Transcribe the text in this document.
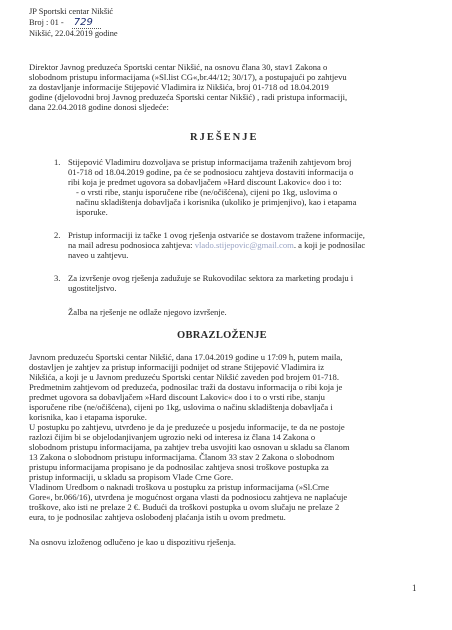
JP Sportski centar Nikšić
Broj : 01 - 729
Nikšić, 22.04.2019 godine
Direktor Javnog preduzeća Sportski centar Nikšić, na osnovu člana 30, stav1 Zakona o
slobodnom pristupu informacijama (»Sl.list CG«,br.44/12; 30/17), a postupajući po zahtjevu
za dostavljanje informacije Stijepović Vladimira iz Nikšića, broj 01-718 od 18.04.2019
godine (djelovodni broj Javnog preduzeća Sportski centar Nikšić) , radi pristupa informaciji,
dana 22.04.2018 godine donosi sljedeće:
RJEŠENJE
1. Stijepović Vladimiru dozvoljava se pristup informacijama traženih zahtjevom broj
01-718 od 18.04.2019 godine, pa će se podnosiocu zahtjeva dostaviti informacija o
ribi koja je predmet ugovora sa dobavljačem »Hard discount Lakovic« doo i to:
- o vrsti ribe, stanju isporučene ribe (ne/očišćena), cijeni po 1kg, uslovima o
načinu skladištenja dobavljača i korisnika (ukoliko je primjenjivo), kao i etapama
isporuke.
2. Pristup informaciji iz tačke 1 ovog rješenja ostvariće se dostavom tražene informacije,
na mail adresu podnosioca zahtjeva: vlado.stijepovic@gmail.com. a koji je podnosilac
naveo u zahtjevu.
3. Za izvršenje ovog rješenja zadužuje se Rukovodilac sektora za marketing prodaju i
ugostiteljstvo.
Žalba na rješenje ne odlaže njegovo izvršenje.
OBRAZLOŽENJE
Javnom preduzeću Sportski centar Nikšić, dana 17.04.2019 godine u 17:09 h, putem maila,
dostavljen je zahtjev za pristup informacijji podnijet od strane Stijepović Vladimira iz
Nikšića, a koji je u Javnom preduzeću Sportski centar Nikšić zaveden pod brojem 01-718.
Predmetnim zahtjevom od preduzeća, podnosilac traži da dostavu informacija o ribi koja je
predmet ugovora sa dobavljačem »Hard discount Lakovic« doo i to o vrsti ribe, stanju
isporučene ribe (ne/očišćena), cijeni po 1kg, uslovima o načinu skladištenja dobavljača i
korisnika, kao i etapama isporuke.
U postupku po zahtjevu, utvrđeno je da je preduzeće u posjedu informacije, te da ne postoje
razlozi čijim bi se objelodanjivanjem ugrozio neki od interesa iz člana 14 Zakona o
slobodnom pristupu informacijama, pa zahtjev treba usvojiti kao osnovan u skladu sa članom
13 Zakona o slobodnom pristupu informacijama. Članom 33 stav 2 Zakona o slobodnom
pristupu informacijama propisano je da podnosilac zahtjeva snosi troškove postupka za
pristup informaciji, u skladu sa propisom Vlade Crne Gore.
Vladinom Uredbom o naknadi troškova u postupku za pristup informacijama (»Sl.Crne
Gore«, br.066/16), utvrđena je mogućnost organa vlasti da podnosiocu zahtjeva ne naplaćuje
troškove, ako isti ne prelaze 2 €. Budući da troškovi postupka u ovom slučaju ne prelaze 2
eura, to je podnosilac zahtjeva oslobođenj plaćanja istih u ovom predmetu.
Na osnovu izloženog odlučeno je kao u dispozitivu rješenja.
1
